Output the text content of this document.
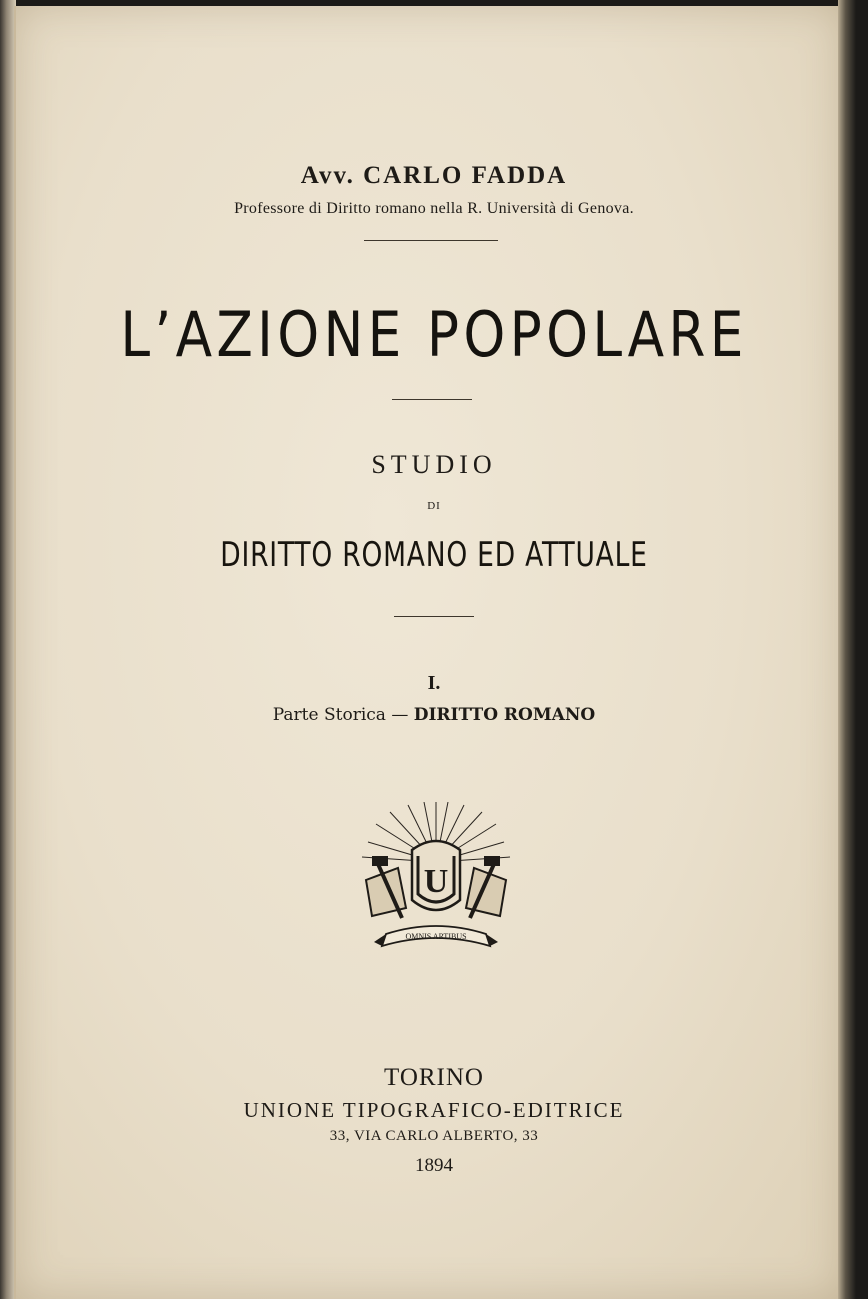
Avv. CARLO FADDA
Professore di Diritto romano nella R. Università di Genova.
L’AZIONE POPOLARE
STUDIO
DI
DIRITTO ROMANO ED ATTUALE
I.
Parte Storica — DIRITTO ROMANO
U
OMNIS ARTIBUS
TORINO
UNIONE TIPOGRAFICO-EDITRICE
33, VIA CARLO ALBERTO, 33
1894
